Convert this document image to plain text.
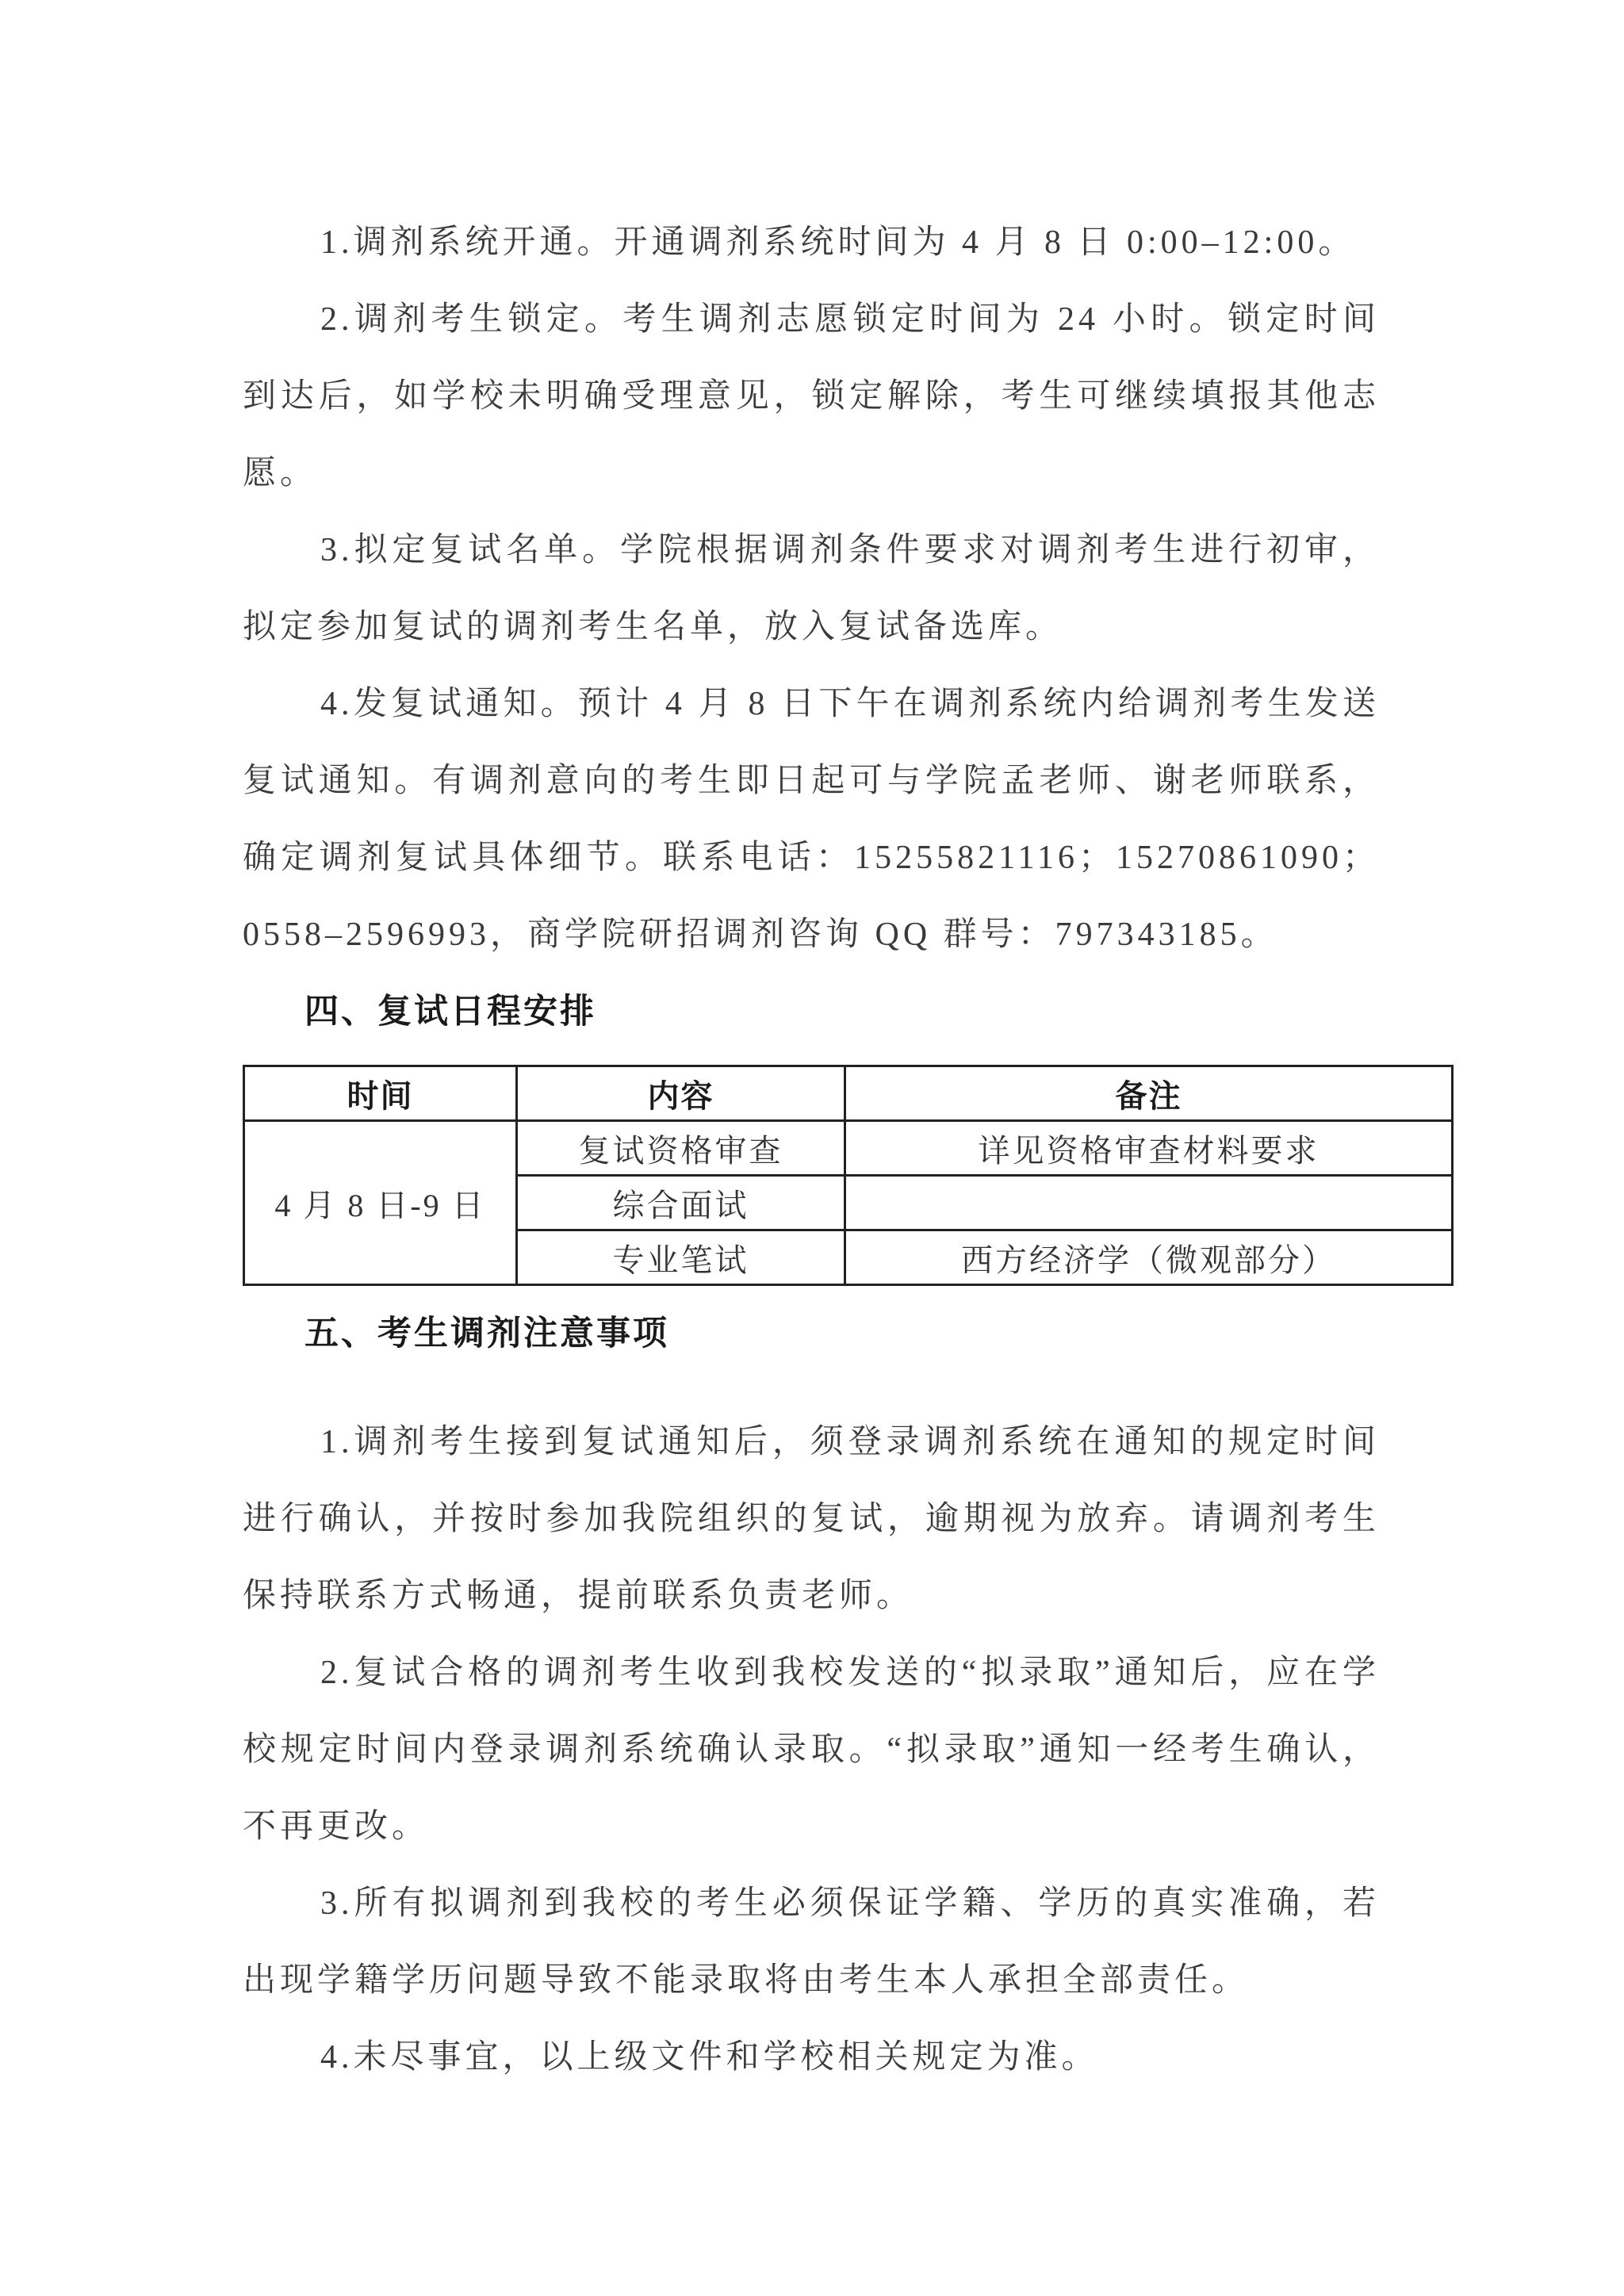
1.调剂系统开通。开通调剂系统时间为 4 月 8 日 0:00–12:00。

2.调剂考生锁定。考生调剂志愿锁定时间为 24 小时。锁定时间到达后，如学校未明确受理意见，锁定解除，考生可继续填报其他志愿。

3.拟定复试名单。学院根据调剂条件要求对调剂考生进行初审，拟定参加复试的调剂考生名单，放入复试备选库。

4.发复试通知。预计 4 月 8 日下午在调剂系统内给调剂考生发送复试通知。有调剂意向的考生即日起可与学院孟老师、谢老师联系，确定调剂复试具体细节。联系电话：15255821116；15270861090；0558–2596993，商学院研招调剂咨询 QQ 群号：797343185。

四、复试日程安排
时间	内容	备注
4 月 8 日-9 日	复试资格审查	详见资格审查材料要求
	综合面试	
	专业笔试	西方经济学（微观部分）
五、考生调剂注意事项

1.调剂考生接到复试通知后，须登录调剂系统在通知的规定时间进行确认，并按时参加我院组织的复试，逾期视为放弃。请调剂考生保持联系方式畅通，提前联系负责老师。

2.复试合格的调剂考生收到我校发送的“拟录取”通知后，应在学校规定时间内登录调剂系统确认录取。“拟录取”通知一经考生确认，不再更改。

3.所有拟调剂到我校的考生必须保证学籍、学历的真实准确，若出现学籍学历问题导致不能录取将由考生本人承担全部责任。

4.未尽事宜，以上级文件和学校相关规定为准。
